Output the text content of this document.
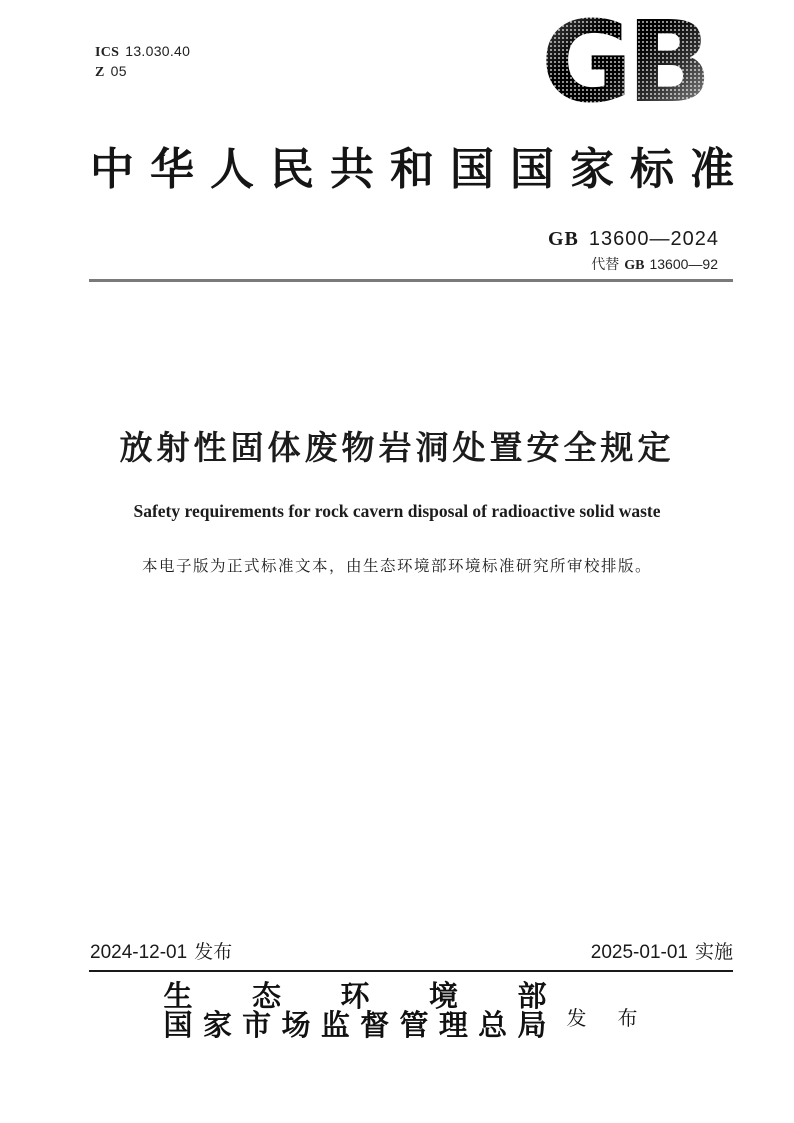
ICS 13.030.40
Z 05	GB
中华人民共和国国家标准
GB 13600—2024
代替 GB 13600—92
放射性固体废物岩洞处置安全规定
Safety requirements for rock cavern disposal of radioactive solid waste
本电子版为正式标准文本，由生态环境部环境标准研究所审校排版。
2024-12-01 发布	2025-01-01 实施
生态环境部
国家市场监督管理总局 发 布
